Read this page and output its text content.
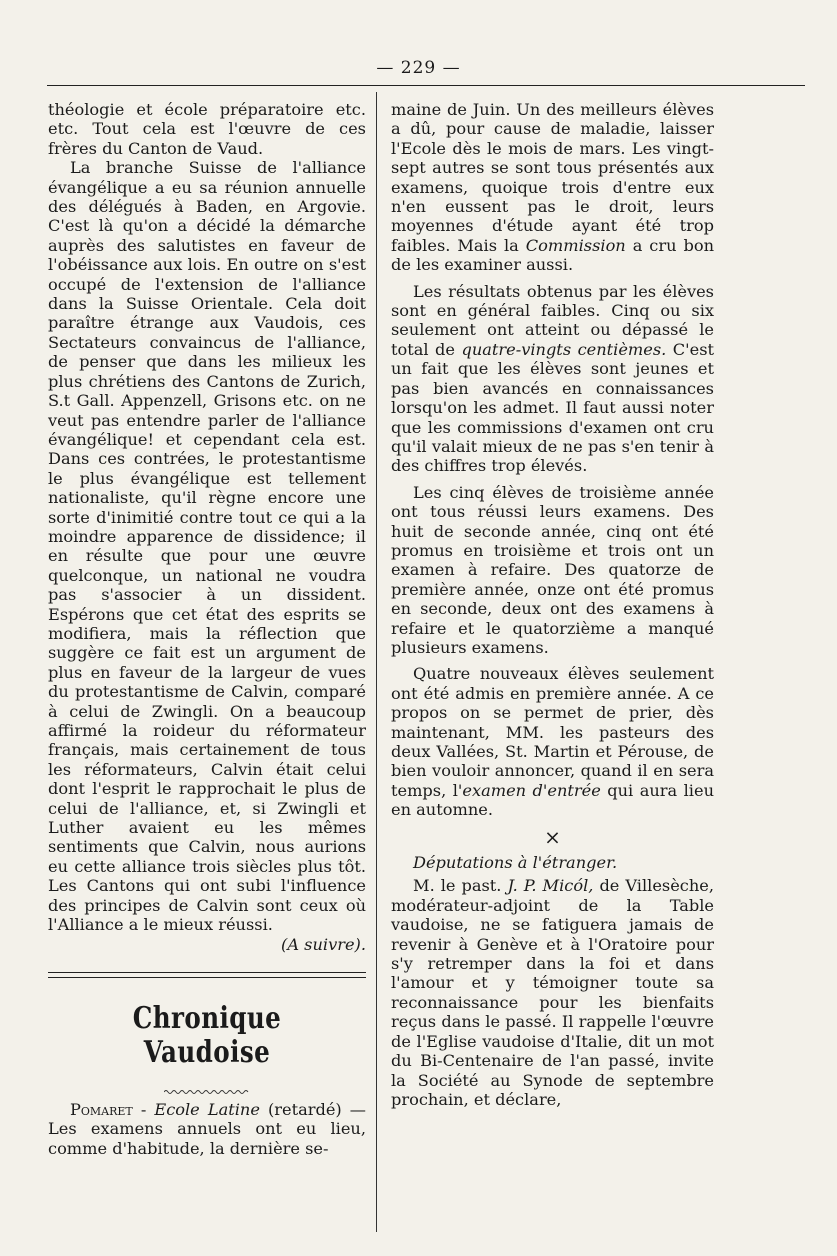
— 229 —

théologie et école préparatoire etc. etc. Tout cela est l'œuvre de ces frères du Canton de Vaud.

La branche Suisse de l'alliance évangélique a eu sa réunion annuelle des délégués à Baden, en Argovie. C'est là qu'on a décidé la démarche auprès des salutistes en faveur de l'obéissance aux lois. En outre on s'est occupé de l'extension de l'alliance dans la Suisse Orientale. Cela doit paraître étrange aux Vaudois, ces Sectateurs convaincus de l'alliance, de penser que dans les milieux les plus chrétiens des Cantons de Zurich, S.t Gall. Appenzell, Grisons etc. on ne veut pas entendre parler de l'alliance évangélique! et cependant cela est. Dans ces contrées, le protestantisme le plus évangélique est tellement nationaliste, qu'il règne encore une sorte d'inimitié contre tout ce qui a la moindre apparence de dissidence; il en résulte que pour une œuvre quelconque, un national ne voudra pas s'associer à un dissident. Espérons que cet état des esprits se modifiera, mais la réflection que suggère ce fait est un argument de plus en faveur de la largeur de vues du protestantisme de Calvin, comparé à celui de Zwingli. On a beaucoup affirmé la roideur du réformateur français, mais certainement de tous les réformateurs, Calvin était celui dont l'esprit le rapprochait le plus de celui de l'alliance, et, si Zwingli et Luther avaient eu les mêmes sentiments que Calvin, nous aurions eu cette alliance trois siècles plus tôt. Les Cantons qui ont subi l'influence des principes de Calvin sont ceux où l'Alliance a le mieux réussi.

(A suivre).

Chronique Vaudoise

Pomaret - Ecole Latine (retardé) — Les examens annuels ont eu lieu, comme d'habitude, la dernière se-

maine de Juin. Un des meilleurs élèves a dû, pour cause de maladie, laisser l'Ecole dès le mois de mars. Les vingt-sept autres se sont tous présentés aux examens, quoique trois d'entre eux n'en eussent pas le droit, leurs moyennes d'étude ayant été trop faibles. Mais la Commission a cru bon de les examiner aussi.

Les résultats obtenus par les élèves sont en général faibles. Cinq ou six seulement ont atteint ou dépassé le total de quatre-vingts centièmes. C'est un fait que les élèves sont jeunes et pas bien avancés en connaissances lorsqu'on les admet. Il faut aussi noter que les commissions d'examen ont cru qu'il valait mieux de ne pas s'en tenir à des chiffres trop élevés.

Les cinq élèves de troisième année ont tous réussi leurs examens. Des huit de seconde année, cinq ont été promus en troisième et trois ont un examen à refaire. Des quatorze de première année, onze ont été promus en seconde, deux ont des examens à refaire et le quatorzième a manqué plusieurs examens.

Quatre nouveaux élèves seulement ont été admis en première année. A ce propos on se permet de prier, dès maintenant, MM. les pasteurs des deux Vallées, St. Martin et Pérouse, de bien vouloir annoncer, quand il en sera temps, l'examen d'entrée qui aura lieu en automne.

×

Députations à l'étranger.

M. le past. J. P. Micól, de Villesèche, modérateur-adjoint de la Table vaudoise, ne se fatiguera jamais de revenir à Genève et à l'Oratoire pour s'y retremper dans la foi et dans l'amour et y témoigner toute sa reconnaissance pour les bienfaits reçus dans le passé. Il rappelle l'œuvre de l'Eglise vaudoise d'Italie, dit un mot du Bi-Centenaire de l'an passé, invite la Société au Synode de septembre prochain, et déclare,
